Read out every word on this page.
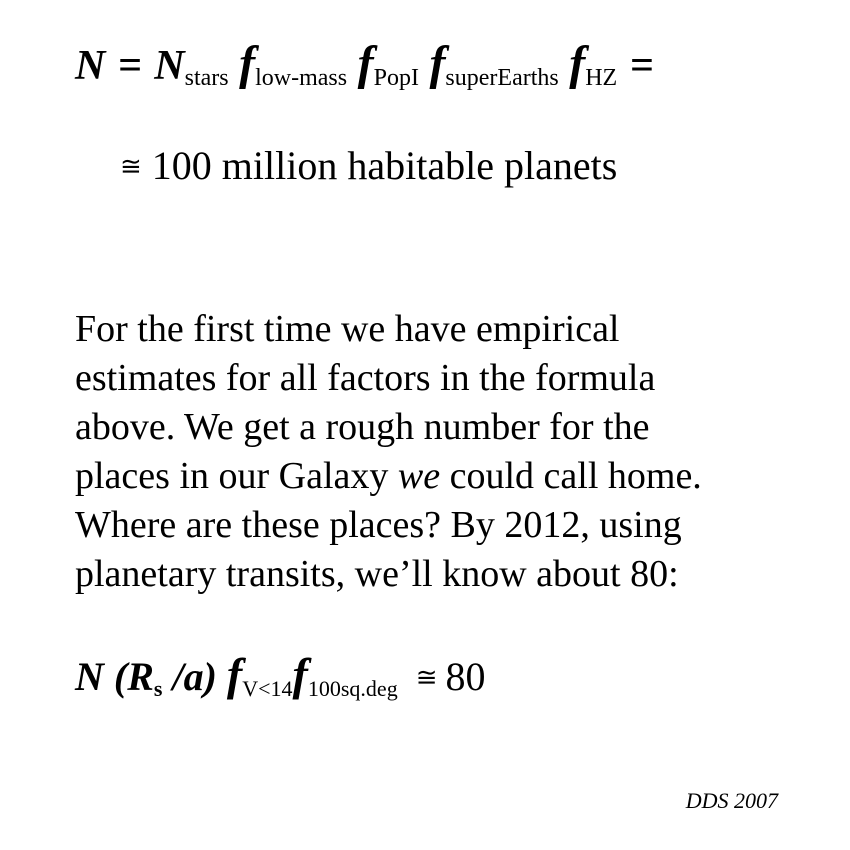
$N = N_{stars}$ $f_{low-mass}$ $f_{PopI}$ $f_{superEarths}$ $f_{HZ}$ =
≅ 100 million habitable planets
For the first time we have empirical
estimates for all factors in the formula
above. We get a rough number for the
places in our Galaxy we could call home.
Where are these places? By 2012, using
planetary transits, we’ll know about 80:
N ($R_s$ /a) $f_{V<14}f_{100sq.deg}$ ≅ 80
DDS 2007
